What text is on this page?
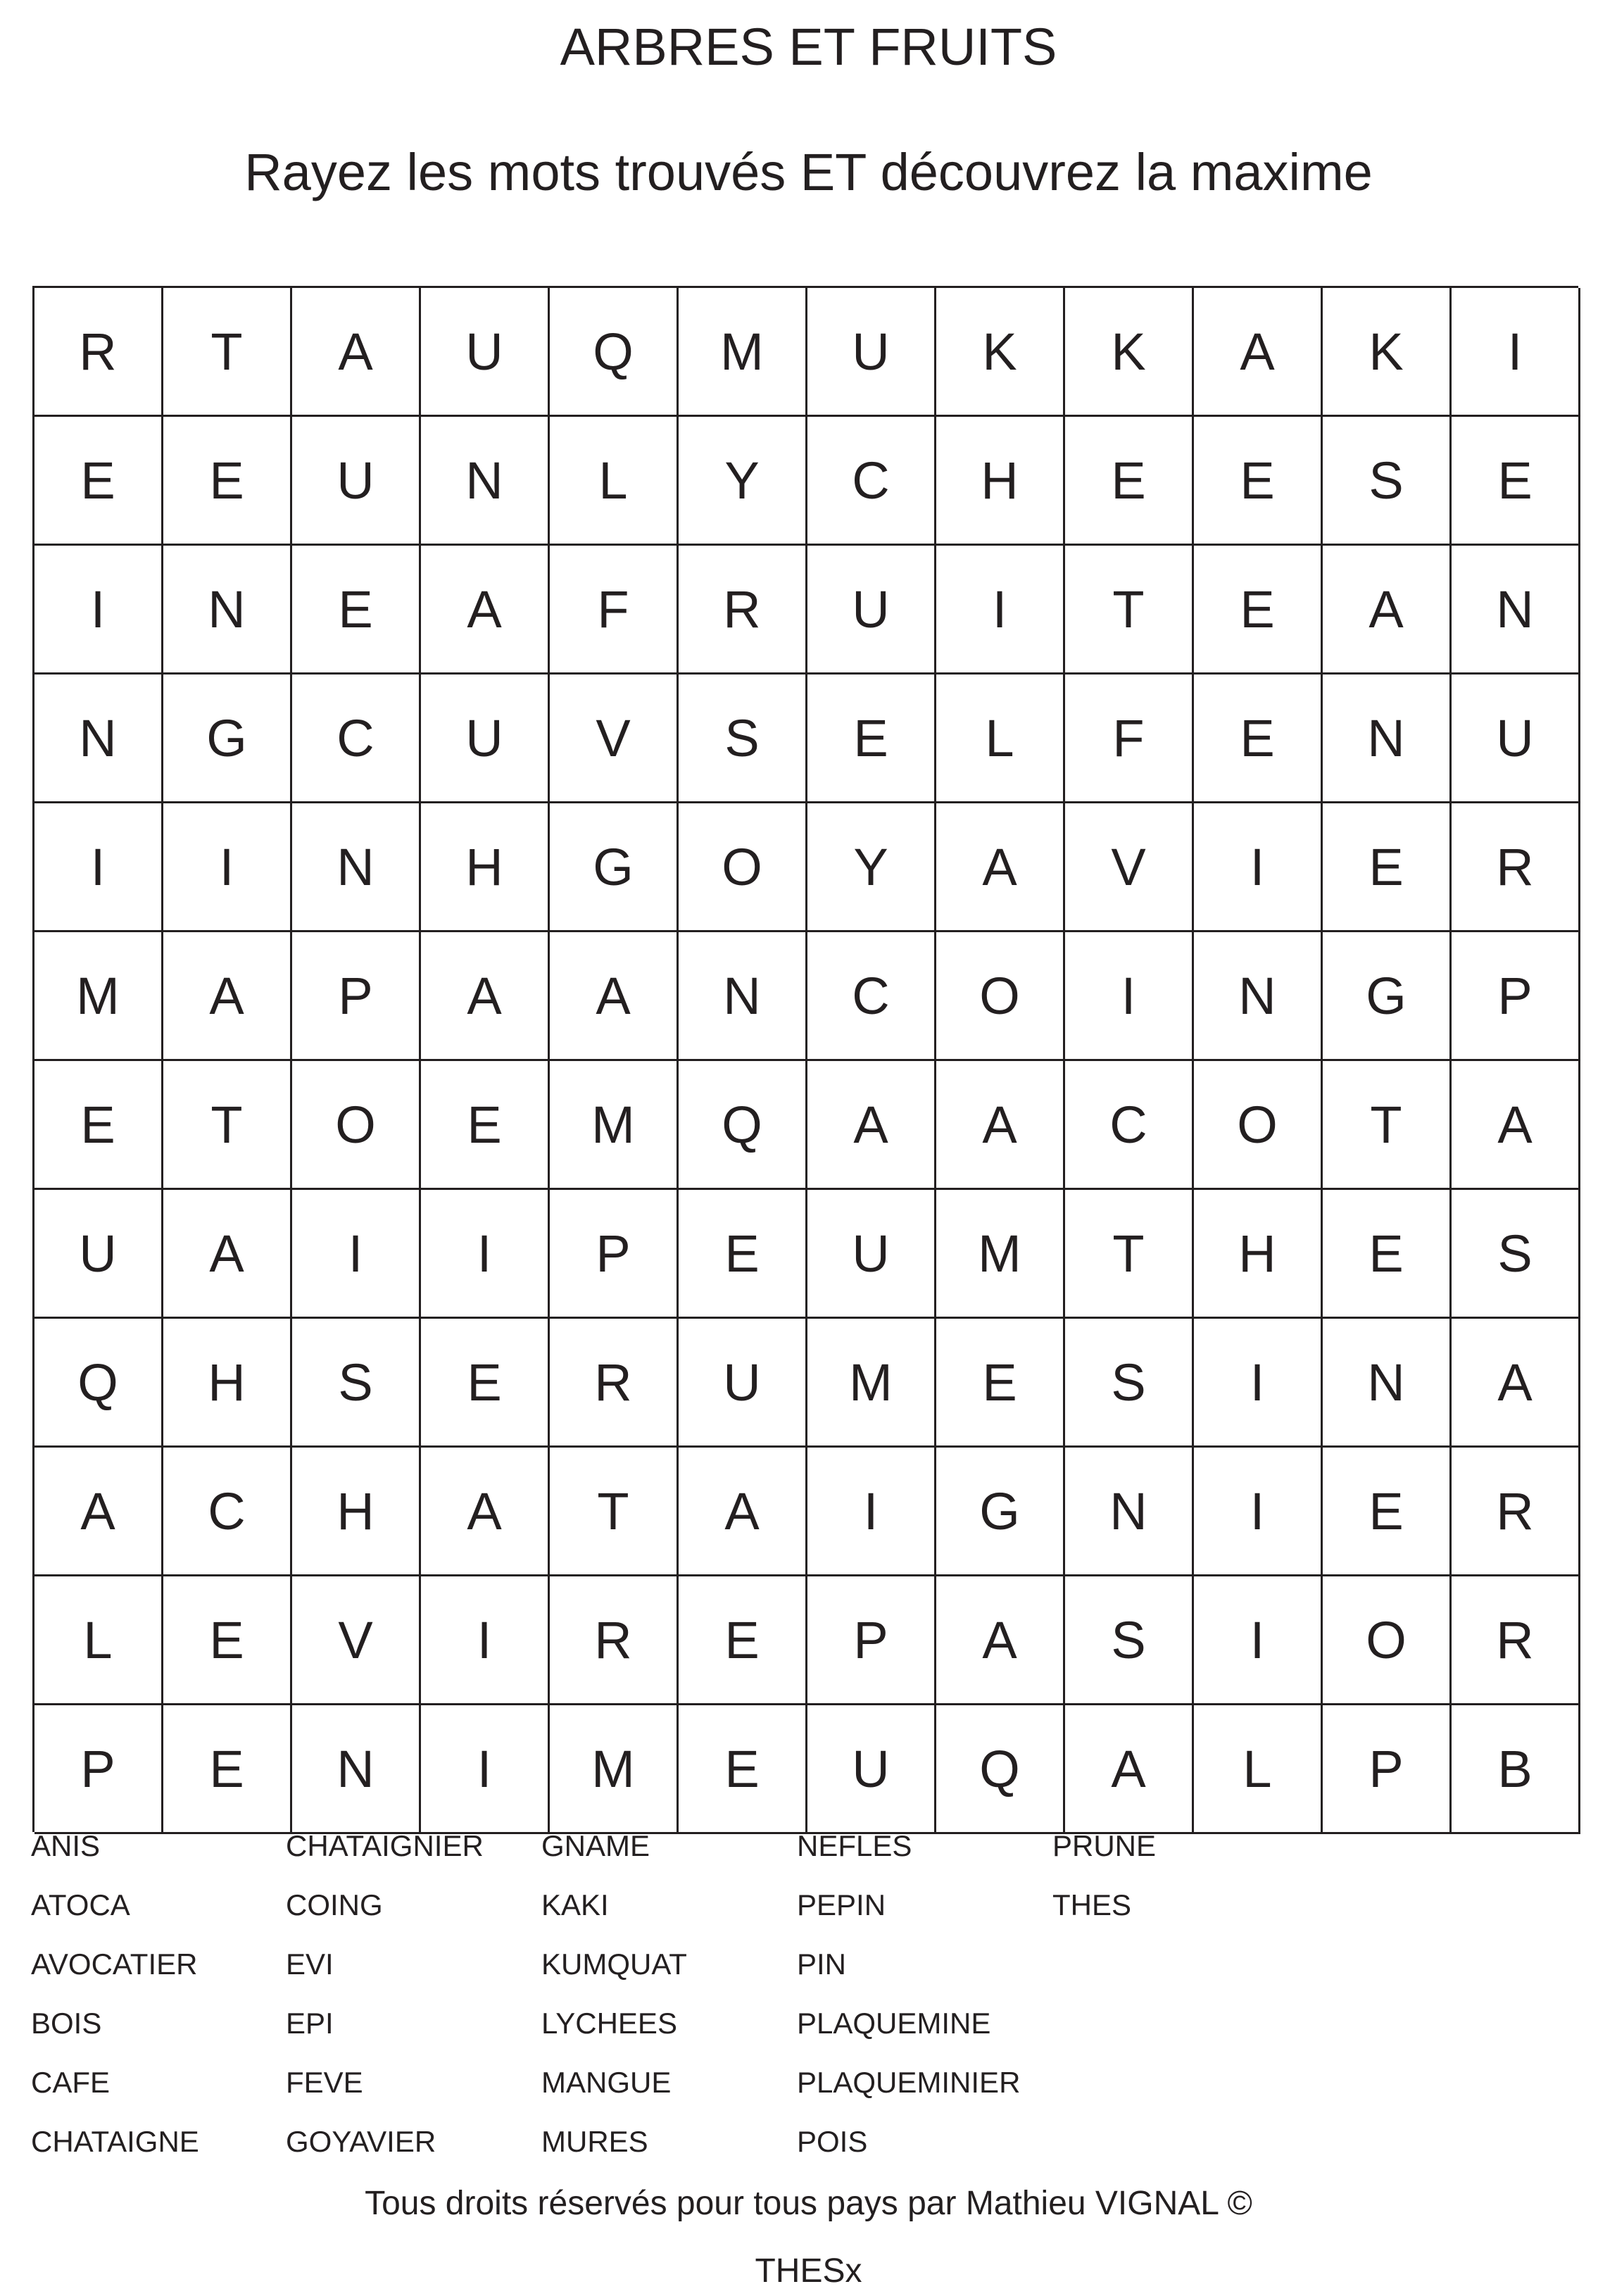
ARBRES ET FRUITS
Rayez les mots trouvés ET découvrez la maxime
R	T	A	U	Q	M	U	K	K	A	K	I
E	E	U	N	L	Y	C	H	E	E	S	E
I	N	E	A	F	R	U	I	T	E	A	N
N	G	C	U	V	S	E	L	F	E	N	U
I	I	N	H	G	O	Y	A	V	I	E	R
M	A	P	A	A	N	C	O	I	N	G	P
E	T	O	E	M	Q	A	A	C	O	T	A
U	A	I	I	P	E	U	M	T	H	E	S
Q	H	S	E	R	U	M	E	S	I	N	A
A	C	H	A	T	A	I	G	N	I	E	R
L	E	V	I	R	E	P	A	S	I	O	R
P	E	N	I	M	E	U	Q	A	L	P	B
ANIS
ATOCA
AVOCATIER
BOIS
CAFE
CHATAIGNE
CHATAIGNIER
COING
EVI
EPI
FEVE
GOYAVIER
GNAME
KAKI
KUMQUAT
LYCHEES
MANGUE
MURES
NEFLES
PEPIN
PIN
PLAQUEMINE
PLAQUEMINIER
POIS
PRUNE
THES
Tous droits réservés pour tous pays par Mathieu VIGNAL ©
THESx
